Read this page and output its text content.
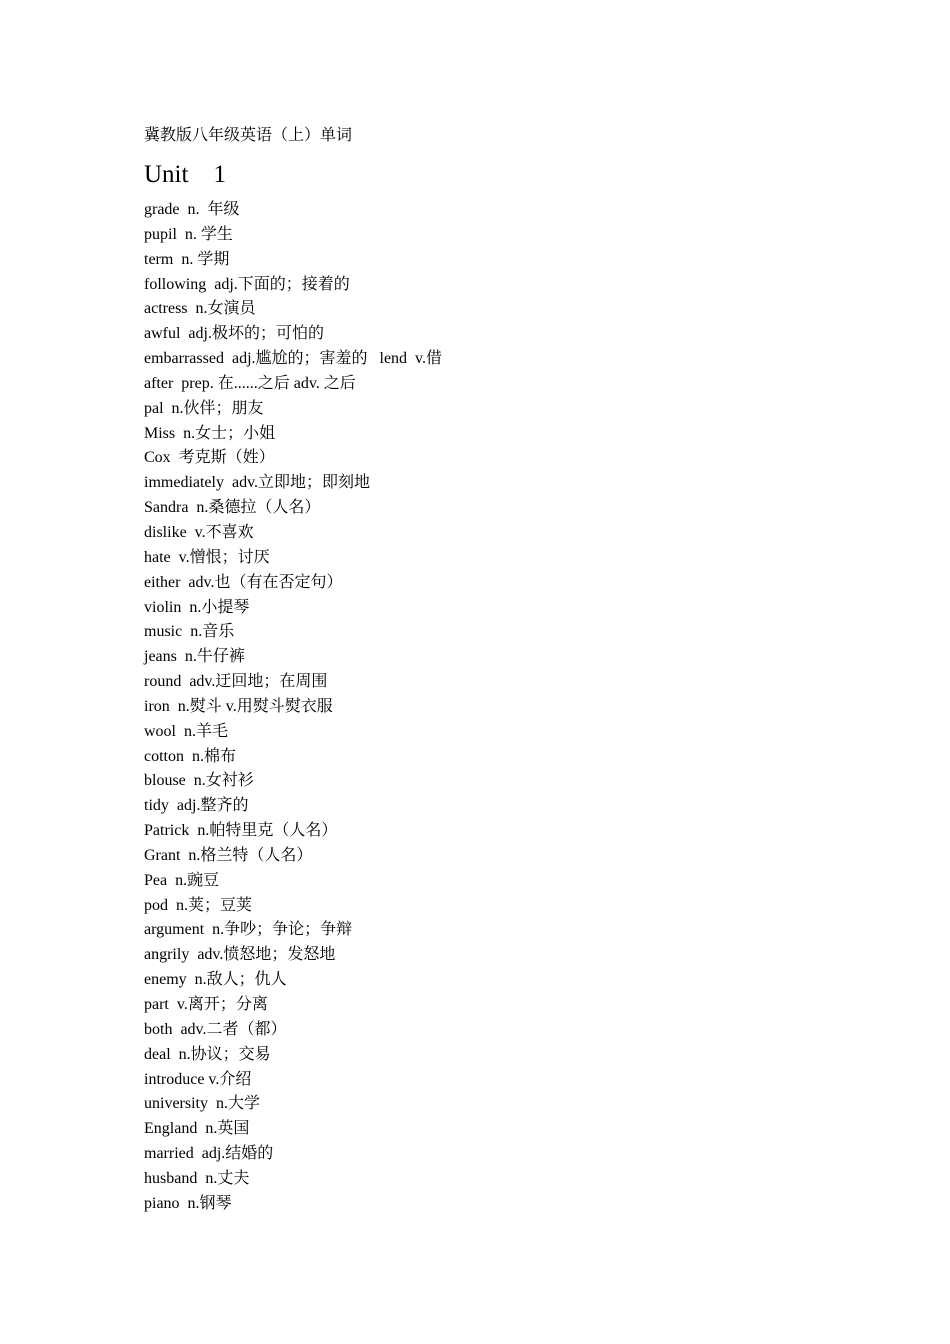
冀教版八年级英语（上）单词
Unit    1
grade  n.  年级
pupil  n. 学生
term  n. 学期
following  adj.下面的；接着的
actress  n.女演员
awful  adj.极坏的；可怕的
embarrassed  adj.尴尬的；害羞的   lend  v.借
after  prep. 在......之后 adv. 之后
pal  n.伙伴；朋友
Miss  n.女士；小姐
Cox  考克斯（姓）
immediately  adv.立即地；即刻地
Sandra  n.桑德拉（人名）
dislike  v.不喜欢
hate  v.憎恨；讨厌
either  adv.也（有在否定句）
violin  n.小提琴
music  n.音乐
jeans  n.牛仔裤
round  adv.迂回地；在周围
iron  n.熨斗 v.用熨斗熨衣服
wool  n.羊毛
cotton  n.棉布
blouse  n.女衬衫
tidy  adj.整齐的
Patrick  n.帕特里克（人名）
Grant  n.格兰特（人名）
Pea  n.豌豆
pod  n.荚；豆荚
argument  n.争吵；争论；争辩
angrily  adv.愤怒地；发怒地
enemy  n.敌人；仇人
part  v.离开；分离
both  adv.二者（都）
deal  n.协议；交易
introduce v.介绍
university  n.大学
England  n.英国
married  adj.结婚的
husband  n.丈夫
piano  n.钢琴
